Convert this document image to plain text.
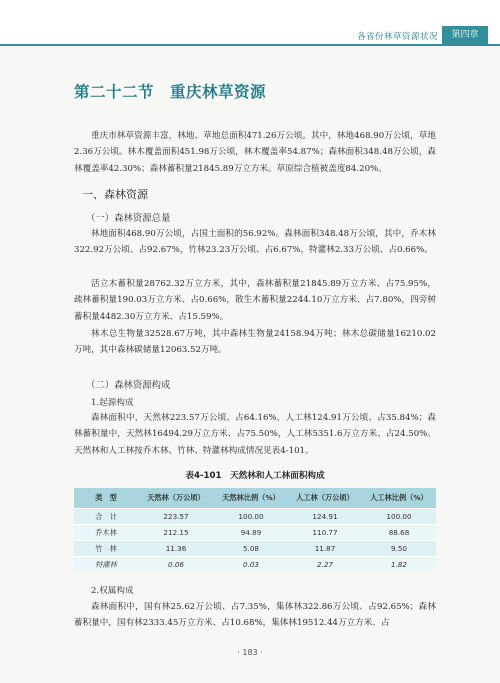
各省份林草资源状况	第四章
第二十二节　重庆林草资源

重庆市林草资源丰富，林地、草地总面积471.26万公顷。其中，林地468.90万公顷，草地2.36万公顷。林木覆盖面积451.98万公顷，林木覆盖率54.87%；森林面积348.48万公顷，森林覆盖率42.30%；森林蓄积量21845.89万立方米。草原综合植被盖度84.20%。

一、森林资源
（一）森林资源总量

林地面积468.90万公顷，占国土面积的56.92%。森林面积348.48万公顷，其中，乔木林322.92万公顷、占92.67%，竹林23.23万公顷、占6.67%，特灌林2.33万公顷、占0.66%。

活立木蓄积量28762.32万立方米，其中，森林蓄积量21845.89万立方米、占75.95%，疏林蓄积量190.03万立方米、占0.66%，散生木蓄积量2244.10万立方米、占7.80%，四旁树蓄积量4482.30万立方米、占15.59%。

林木总生物量32528.67万吨，其中森林生物量24158.94万吨；林木总碳储量16210.02万吨，其中森林碳储量12063.52万吨。

（二）森林资源构成
1.起源构成

森林面积中，天然林223.57万公顷、占64.16%，人工林124.91万公顷、占35.84%；森林蓄积量中，天然林16494.29万立方米、占75.50%，人工林5351.6万立方米、占24.50%。天然林和人工林按乔木林、竹林、特灌林构成情况见表4-101。

表4-101　天然林和人工林面积构成
类　型	天然林（万公顷）	天然林比例（%）	人工林（万公顷）	人工林比例（%）
合　计	223.57	100.00	124.91	100.00
乔木林	212.15	94.89	110.77	88.68
竹　林	11.36	5.08	11.87	9.50
特灌林	0.06	0.03	2.27	1.82
2.权属构成

森林面积中，国有林25.62万公顷、占7.35%，集体林322.86万公顷、占92.65%；森林蓄积量中，国有林2333.45万立方米、占10.68%，集体林19512.44万立方米、占

· 183 ·
